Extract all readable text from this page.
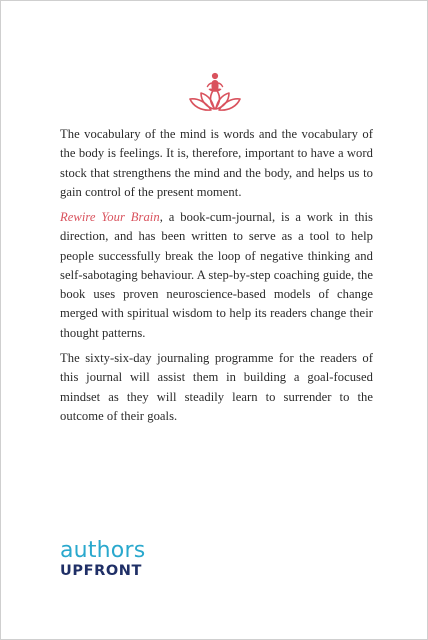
The vocabulary of the mind is words and the vocabulary of the body is feelings. It is, therefore, important to have a word stock that strengthens the mind and the body, and helps us to gain control of the present moment.

Rewire Your Brain, a book-cum-journal, is a work in this direction, and has been written to serve as a tool to help people successfully break the loop of negative thinking and self-sabotaging behaviour. A step-by-step coaching guide, the book uses proven neuroscience-based models of change merged with spiritual wisdom to help its readers change their thought patterns.

The sixty-six-day journaling programme for the readers of this journal will assist them in building a goal-focused mindset as they will steadily learn to surrender to the outcome of their goals.

authors
UPFRONT
